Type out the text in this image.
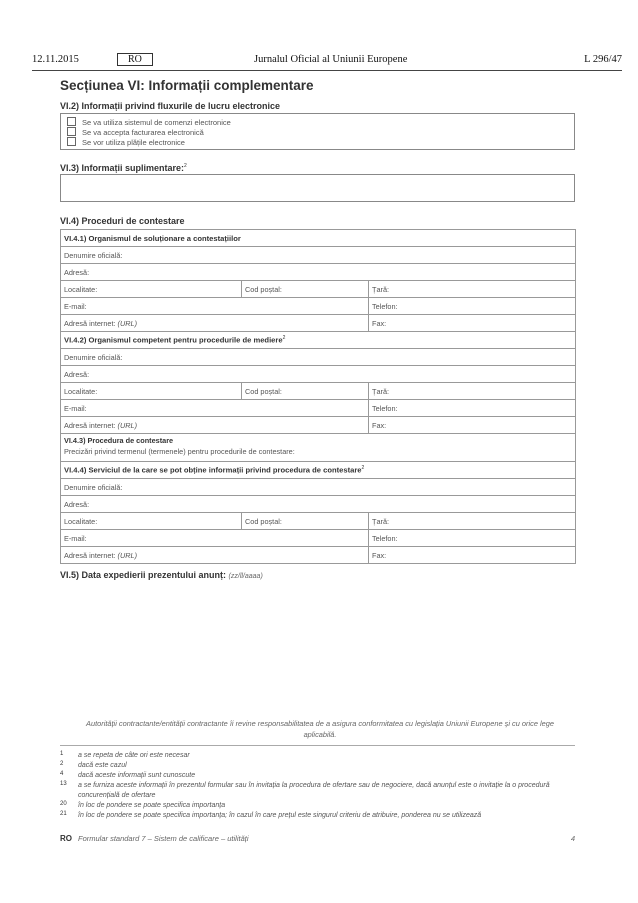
12.11.2015	RO	Jurnalul Oficial al Uniunii Europene	L 296/47
Secțiunea VI: Informații complementare
VI.2) Informații privind fluxurile de lucru electronice
Se va utiliza sistemul de comenzi electronice
Se va accepta facturarea electronică
Se vor utiliza plățile electronice
VI.3) Informații suplimentare:$^2$
VI.4) Proceduri de contestare
VI.4.1) Organismul de soluționare a contestațiilor		
Denumire oficială:		
Adresă:		
Localitate:	Cod poștal:	Țară:
E-mail:		Telefon:
Adresă internet: (URL)		Fax:
VI.4.2) Organismul competent pentru procedurile de mediere$^2$
Denumire oficială:		
Adresă:		
Localitate:	Cod poștal:	Țară:
E-mail:		Telefon:
Adresă internet: (URL)		Fax:

VI.4.3) Procedura de contestare
Precizări privind termenul (termenele) pentru procedurile de contestare:		

VI.4.4) Serviciul de la care se pot obține informații privind procedura de contestare$^2$
Denumire oficială:		
Adresă:		
Localitate:	Cod poștal:	Țară:
E-mail:		Telefon:
Adresă internet: (URL)		Fax:
VI.5) Data expedierii prezentului anunț: (zz/ll/aaaa)
Autorității contractante/entității contractante îi revine responsabilitatea de a asigura conformitatea cu legislația Uniunii Europene și cu orice lege aplicabilă.
1 a se repeta de câte ori este necesar
2 dacă este cazul
4 dacă aceste informații sunt cunoscute
13 a se furniza aceste informații în prezentul formular sau în invitația la procedura de ofertare sau de negociere, dacă anunțul este o invitație la o procedură concurențială de ofertare
20 în loc de pondere se poate specifica importanța
21 în loc de pondere se poate specifica importanța; în cazul în care prețul este singurul criteriu de atribuire, ponderea nu se utilizează
RO Formular standard 7 – Sistem de calificare – utilități	4
